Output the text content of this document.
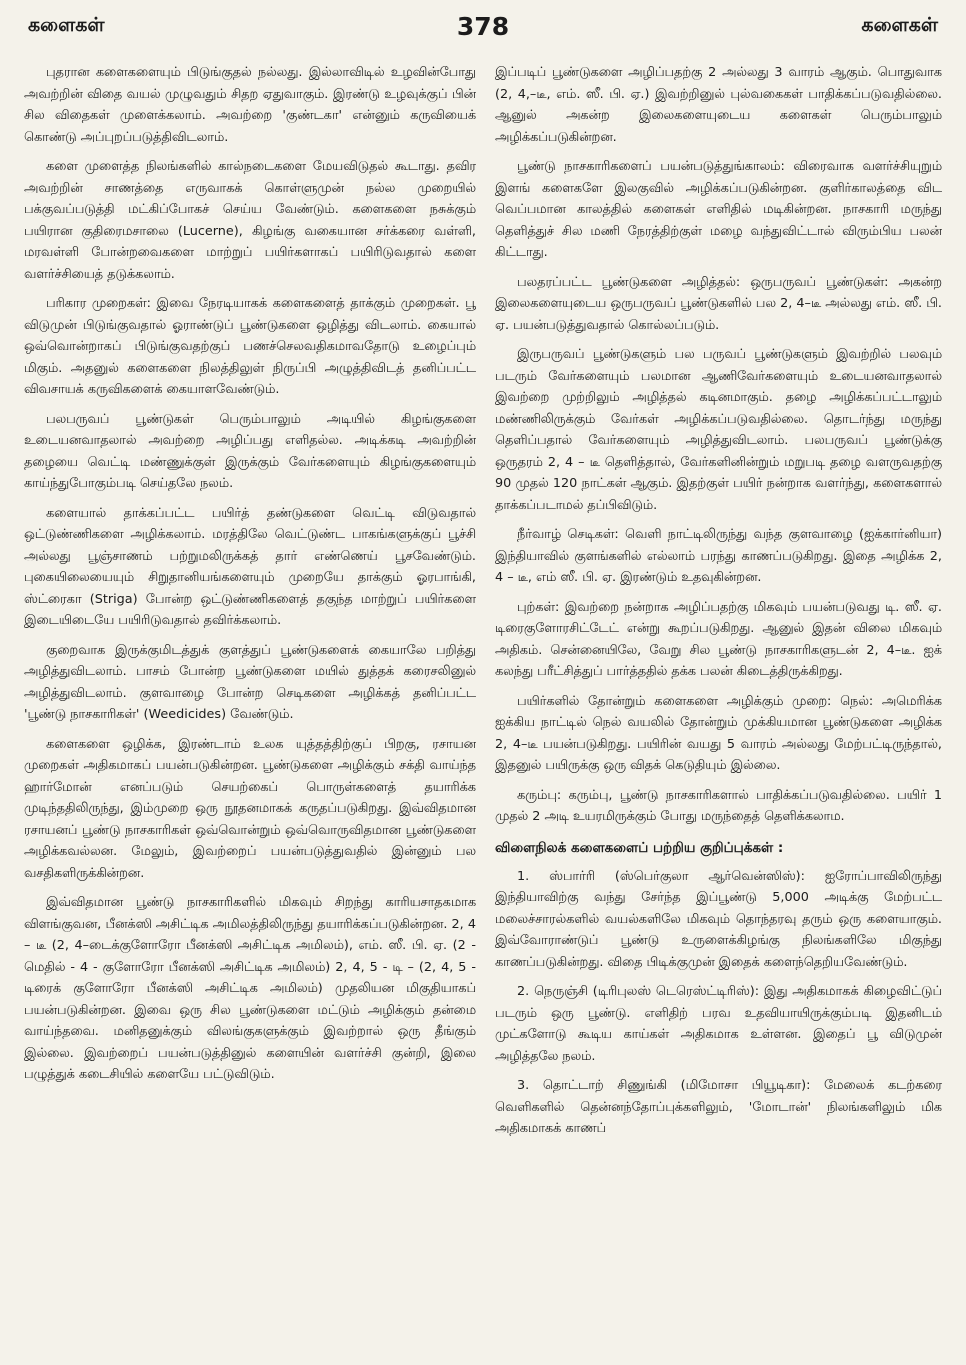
களைகள்	378	களைகள்

புதரான களைகளையும் பிடுங்குதல் நல்லது. இல்லாவிடில் உழவின்போது அவற்றின் விதை வயல் முழுவதும் சிதற ஏதுவாகும். இரண்டு உழவுக்குப் பின் சில விதைகள் முளைக்கலாம். அவற்றை 'குண்டகா' என்னும் கருவியைக் கொண்டு அப்புறப்படுத்திவிடலாம்.

களை முளைத்த நிலங்களில் கால்நடைகளை மேயவிடுதல் கூடாது. தவிர அவற்றின் சாணத்தை எருவாகக் கொள்ளுமுன் நல்ல முறையில் பக்குவப்படுத்தி மட்கிப்போகச் செய்ய வேண்டும். களைகளை நசுக்கும் பயிரான குதிரைமசாலை (Lucerne), கிழங்கு வகையான சர்க்கரை வள்ளி, மரவள்ளி போன்றவைகளை மாற்றுப் பயிர்களாகப் பயிரிடுவதால் களை வளர்ச்சியைத் தடுக்கலாம்.

பரிகார முறைகள்: இவை நேரடியாகக் களைகளைத் தாக்கும் முறைகள். பூ விடுமுன் பிடுங்குவதால் ஓராண்டுப் பூண்டுகளை ஒழித்து விடலாம். கையால் ஒவ்வொன்றாகப் பிடுங்குவதற்குப் பணச்செலவதிகமாவதோடு உழைப்பும் மிகும். அதனுல் களைகளை நிலத்திலுள் நிருப்பி அழுத்திவிடத் தனிப்பட்ட விவசாயக் கருவிகளைக் கையாளவேண்டும்.

பலபருவப் பூண்டுகள் பெரும்பாலும் அடியில் கிழங்குகளை உடையனவாதலால் அவற்றை அழிப்பது எளிதல்ல. அடிக்கடி அவற்றின் தழையை வெட்டி மண்ணுக்குள் இருக்கும் வேர்களையும் கிழங்குகளையும் காய்ந்துபோகும்படி செய்தலே நலம்.

களையால் தாக்கப்பட்ட பயிர்த் தண்டுகளை வெட்டி விடுவதால் ஒட்டுண்ணிகளை அழிக்கலாம். மரத்திலே வெட்டுண்ட பாகங்களுக்குப் பூச்சி அல்லது பூஞ்சாணம் பற்றுமலிருக்கத் தார் எண்ணெய் பூசவேண்டும். புகையிலையையும் சிறுதானியங்களையும் முறையே தாக்கும் ஓரபாங்கி, ஸ்ட்ரைகா (Striga) போன்ற ஒட்டுண்ணிகளைத் தகுந்த மாற்றுப் பயிர்களை இடையிடையே பயிரிடுவதால் தவிர்க்கலாம்.

குறைவாக இருக்குமிடத்துக் குளத்துப் பூண்டுகளைக் கையாலே பறித்து அழித்துவிடலாம். பாசம் போன்ற பூண்டுகளை மயில் துத்தக் கரைசலினுல் அழித்துவிடலாம். குளவாழை போன்ற செடிகளை அழிக்கத் தனிப்பட்ட 'பூண்டு நாசகாரிகள்' (Weedicides) வேண்டும்.

களைகளை ஒழிக்க, இரண்டாம் உலக யுத்தத்திற்குப் பிறகு, ரசாயன முறைகள் அதிகமாகப் பயன்படுகின்றன. பூண்டுகளை அழிக்கும் சக்தி வாய்ந்த ஹார்மோன் எனப்படும் செயற்கைப் பொருள்களைத் தயாரிக்க முடிந்ததிலிருந்து, இம்முறை ஒரு நூதனமாகக் கருதப்படுகிறது. இவ்விதமான ரசாயனப் பூண்டு நாசகாரிகள் ஒவ்வொன்றும் ஒவ்வொருவிதமான பூண்டுகளை அழிக்கவல்லன. மேலும், இவற்றைப் பயன்படுத்துவதில் இன்னும் பல வசதிகளிருக்கின்றன.

இவ்விதமான பூண்டு நாசகாரிகளில் மிகவும் சிறந்து காரியசாதகமாக விளங்குவன, பீனக்ஸி அசிட்டிக அமிலத்திலிருந்து தயாரிக்கப்படுகின்றன. 2, 4 – டீ (2, 4–டைக்குளோரோ பீனக்ஸி அசிட்டிக அமிலம்), எம். ஸீ. பி. ஏ. (2 - மெதில் - 4 - குளோரோ பீனக்ஸி அசிட்டிக அமிலம்) 2, 4, 5 - டி – (2, 4, 5 - டிரைக் குளோரோ பீனக்ஸி அசிட்டிக அமிலம்) முதலியன மிகுதியாகப் பயன்படுகின்றன. இவை ஒரு சில பூண்டுகளை மட்டும் அழிக்கும் தன்மை வாய்ந்தவை. மனிதனுக்கும் விலங்குகளுக்கும் இவற்றால் ஒரு தீங்கும் இல்லை. இவற்றைப் பயன்படுத்தினுல் களையின் வளர்ச்சி குன்றி, இலை பழுத்துக் கடைசியில் களையே பட்டுவிடும்.

இப்படிப் பூண்டுகளை அழிப்பதற்கு 2 அல்லது 3 வாரம் ஆகும். பொதுவாக (2, 4,–டீ, எம். ஸீ. பி. ஏ.) இவற்றினுல் புல்வகைகள் பாதிக்கப்படுவதில்லை. ஆனுல் அகன்ற இலைகளையுடைய களைகள் பெரும்பாலும் அழிக்கப்படுகின்றன.

பூண்டு நாசகாரிகளைப் பயன்படுத்துங்காலம்: விரைவாக வளர்ச்சியுறும் இளங் களைகளே இலகுவில் அழிக்கப்படுகின்றன. குளிர்காலத்தை விட வெப்பமான காலத்தில் களைகள் எளிதில் மடிகின்றன. நாசகாரி மருந்து தெளித்துச் சில மணி நேரத்திற்குள் மழை வந்துவிட்டால் விரும்பிய பலன் கிட்டாது.

பலதரப்பட்ட பூண்டுகளை அழித்தல்: ஒருபருவப் பூண்டுகள்: அகன்ற இலைகளையுடைய ஒருபருவப் பூண்டுகளில் பல 2, 4–டீ அல்லது எம். ஸீ. பி. ஏ. பயன்படுத்துவதால் கொல்லப்படும்.

இருபருவப் பூண்டுகளும் பல பருவப் பூண்டுகளும் இவற்றில் பலவும் படரும் வேர்களையும் பலமான ஆணிவேர்களையும் உடையனவாதலால் இவற்றை முற்றிலும் அழித்தல் கடினமாகும். தழை அழிக்கப்பட்டாலும் மண்ணிலிருக்கும் வேர்கள் அழிக்கப்படுவதில்லை. தொடர்ந்து மருந்து தெளிப்பதால் வேர்களையும் அழித்துவிடலாம். பலபருவப் பூண்டுக்கு ஒருதரம் 2, 4 – டீ தெளித்தால், வேர்களினின்றும் மறுபடி தழை வளருவதற்கு 90 முதல் 120 நாட்கள் ஆகும். இதற்குள் பயிர் நன்றாக வளர்ந்து, களைகளால் தாக்கப்படாமல் தப்பிவிடும்.

நீர்வாழ் செடிகள்: வெளி நாட்டிலிருந்து வந்த குளவாழை (ஐக்கார்னியா) இந்தியாவில் குளங்களில் எல்லாம் பரந்து காணப்படுகிறது. இதை அழிக்க 2, 4 – டீ, எம் ஸீ. பி. ஏ. இரண்டும் உதவுகின்றன.

புற்கள்: இவற்றை நன்றாக அழிப்பதற்கு மிகவும் பயன்படுவது டி. ஸீ. ஏ. டிரைகுளோரசிட்டேட் என்று கூறப்படுகிறது. ஆனுல் இதன் விலை மிகவும் அதிகம். சென்னையிலே, வேறு சில பூண்டு நாசகாரிகளுடன் 2, 4–டீ. ஐக் கலந்து பரீட்சித்துப் பார்த்ததில் தக்க பலன் கிடைத்திருக்கிறது.

பயிர்களில் தோன்றும் களைகளை அழிக்கும் முறை: நெல்: அமெரிக்க ஐக்கிய நாட்டில் நெல் வயலில் தோன்றும் முக்கியமான பூண்டுகளை அழிக்க 2, 4–டீ பயன்படுகிறது. பயிரின் வயது 5 வாரம் அல்லது மேற்பட்டிருந்தால், இதனுல் பயிருக்கு ஒரு விதக் கெடுதியும் இல்லை.

கரும்பு: கரும்பு, பூண்டு நாசகாரிகளால் பாதிக்கப்படுவதில்லை. பயிர் 1 முதல் 2 அடி உயரமிருக்கும் போது மருந்தைத் தெளிக்கலாம.

விளைநிலக் களைகளைப் பற்றிய குறிப்புக்கள் :

1. ஸ்பார்ரி (ஸ்பெர்குலா ஆர்வென்ஸிஸ்): ஐரோப்பாவிலிருந்து இந்தியாவிற்கு வந்து சேர்ந்த இப்பூண்டு 5,000 அடிக்கு மேற்பட்ட மலைச்சாரல்களில் வயல்களிலே மிகவும் தொந்தரவு தரும் ஒரு களையாகும். இவ்வோராண்டுப் பூண்டு உருளைக்கிழங்கு நிலங்களிலே மிகுந்து காணப்படுகின்றது. விதை பிடிக்குமுன் இதைக் களைந்தெறியவேண்டும்.

2. நெருஞ்சி (டிரிபுலஸ் டெரெஸ்ட்டிரிஸ்): இது அதிகமாகக் கிழைவிட்டுப் படரும் ஒரு பூண்டு. எளிதிற் பரவ உதவியாயிருக்கும்படி இதனிடம் முட்களோடு கூடிய காய்கள் அதிகமாக உள்ளன. இதைப் பூ விடுமுன் அழித்தலே நலம்.

3. தொட்டாற் சிணுங்கி (மிமோசா பியூடிகா): மேலைக் கடற்கரை வெளிகளில் தென்னந்தோப்புக்களிலும், 'மோடான்' நிலங்களிலும் மிக அதிகமாகக் காணப்
